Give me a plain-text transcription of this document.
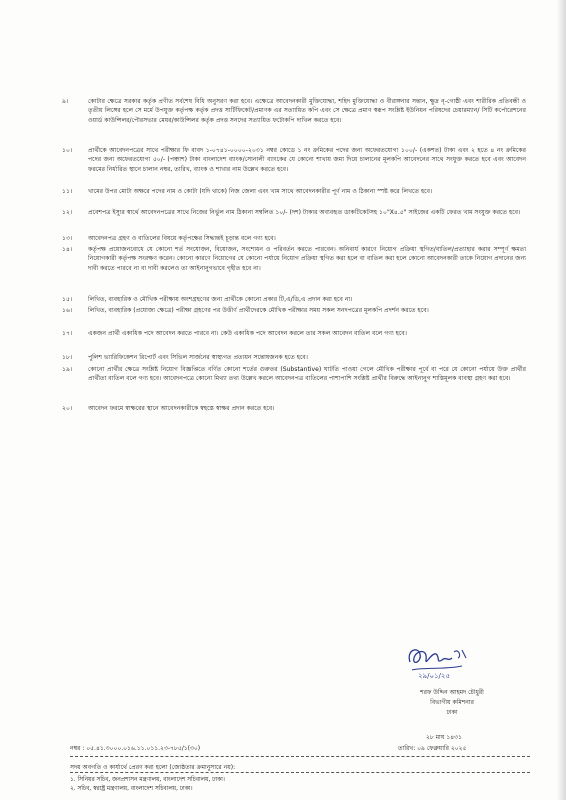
৯।	কোটার ক্ষেত্রে সরকার কর্তৃক প্রণীত সর্বশেষ বিধি অনুসরণ করা হবে। এক্ষেত্রে আবেদনকারী মুক্তিযোদ্ধা, শহিদ মুক্তিযোদ্ধা ও বীরাঙ্গনার সন্তান, ক্ষুদ্র নৃ-গোষ্ঠী এবং শারীরিক প্রতিবন্ধী ও তৃতীয় লিঙ্গের হলে সে মর্মে উপযুক্ত কর্তৃপক্ষ কর্তৃক প্রদত্ত সার্টিফিকেট/প্রমাণক এর সত্যায়িত কপি এবং সে ক্ষেত্রে প্রমাণ স্বরূপ সংশ্লিষ্ট ইউনিয়ন পরিষদের চেয়ারম্যান/ সিটি কর্পোরেশনের ওয়ার্ড কাউন্সিলর/পৌরসভার মেয়র/কাউন্সিলর কর্তৃক প্রদত্ত সনদের সত্যায়িত ফটোকপি দাখিল করতে হবে।
১০।	প্রার্থীকে আবেদনপত্রের সাথে পরীক্ষার ফি বাবদ ১-০৭৪১-০০০০-২০৩১ নম্বর কোডে ১ নং ক্রমিকের পদের জন্য অফেরতযোগ্য ১০০/- (একশত) টাকা এবং ২ হতে ৪ নং ক্রমিকের পদের জন্য অফেরতযোগ্য ৫০/- (পঞ্চাশ) টাকা বাংলাদেশ ব্যাংক/সোনালী ব্যাংকের যে কোনো শাখায় জমা দিয়ে চালানের মূলকপি আবেদনের সাথে সংযুক্ত করতে হবে এবং আবেদন ফরমের নির্ধারিত স্থানে চালান নম্বর, তারিখ, ব্যাংক ও শাখার নাম উল্লেখ করতে হবে।
১১।	খামের উপর মোটা অক্ষরে পদের নাম ও কোটা (যদি থাকে) নিজ জেলা এবং খাম সাথে আবেদনকারীর পূর্ণ নাম ও ঠিকানা স্পষ্ট করে লিখতে হবে।
১২।	প্রবেশপত্র ইস্যুর স্বার্থে আবেদনপত্রের সাথে নিজের নির্ভুল নাম ঠিকানা সম্বলিত ১০/- (দশ) টাকার অব্যবহৃত ডাকটিকেটসহ ১০"X৪.৫" সাইজের একটি ফেরত খাম সংযুক্ত করতে হবে।
১৩।	আবেদনপত্র গ্রহণ ও বাতিলের বিষয়ে কর্তৃপক্ষের সিদ্ধান্তই চূড়ান্ত বলে গণ্য হবে।
১৪।	কর্তৃপক্ষ প্রয়োজনবোধে যে কোনো শর্ত সংযোজন, বিয়োজন, সংশোধন ও পরিবর্তন করতে পারবেন। অনিবার্য কারণে নিয়োগ প্রক্রিয়া স্থগিত/বাতিল/প্রত্যাহার করার সম্পূর্ণ ক্ষমতা নিয়োগকারী কর্তৃপক্ষ সংরক্ষণ করেন। কোনো কারণে নিয়োগের যে কোনো পর্যায়ে নিয়োগ প্রক্রিয়া স্থগিত করা হলে বা বাতিল করা হলে কোনো আবেদনকারী তাকে নিয়োগ প্রদানের জন্য দাবী করতে পারবে না বা দাবী করলেও তা আইনানুগভাবে গৃহীত হবে না।
১৫।	লিখিত, ব্যবহারিক ও মৌখিক পরীক্ষায় অংশগ্রহণের জন্য প্রার্থীকে কোনো প্রকার টি,এ/ডি,এ প্রদান করা হবে না।
১৬।	লিখিত, ব্যবহারিক (প্রযোজ্য ক্ষেত্রে) পরীক্ষা গ্রহণের পর উত্তীর্ণ প্রার্থীদেরকে মৌখিক পরীক্ষার সময় সকল সনদপত্রের মূলকপি প্রদর্শন করতে হবে।
১৭।	একজন প্রার্থী একাধিক পদে আবেদন করতে পারবে না। কেউ একাধিক পদে আবেদন করলে তার সকল আবেদন বাতিল বলে গণ্য হবে।
১৮।	পুলিশ ভ্যারিফিকেশন রিপোর্ট এবং সিভিল সার্জনের স্বাস্থ্যগত প্রত্যয়ন সন্তোষজনক হতে হবে।
১৯।	কোনো প্রার্থীর ক্ষেত্রে সংশ্লিষ্ট নিয়োগ বিজ্ঞপ্তিতে বর্ণিত কোনো শর্তের গুরুতর (Substantive) ঘাটতি পাওয়া গেলে মৌখিক পরীক্ষার পূর্বে বা পরে যে কোনো পর্যায়ে উক্ত প্রার্থীর প্রার্থীতা বাতিল বলে গণ্য হবে। আবেদনপত্রে কোনো মিথ্যা তথ্য উল্লেখ করলে আবেদনপত্র বাতিলের পাশাপাশি সংশ্লিষ্ট প্রার্থীর বিরুদ্ধে আইনানুগ শাস্তিমূলক ব্যবস্থা গ্রহণ করা হবে।
২০।	আবেদন ফরমে স্বাক্ষরের স্থানে আবেদনকারীকে স্বহস্তে স্বাক্ষর প্রদান করতে হবে।
২৯/০১/২৫
শরফ উদ্দিন আহমদ চৌধুরী
বিভাগীয় কমিশনার
ঢাকা
নম্বর : ০৫.৪১.৩০০০.০১৬.১১.০১১.২৩-৭৮৫/১(৩০)
২৮ মাঘ ১৪৩১
তারিখ: ০৯ ফেব্রুয়ারি ২০২৫
সদয় অবগতি ও কার্যার্থে প্রেরণ করা হলো (জ্যেষ্ঠতার ক্রমানুসারে নয়):
১. সিনিয়র সচিব, জনপ্রশাসন মন্ত্রণালয়, বাংলাদেশ সচিবালয়, ঢাকা।
২. সচিব, স্বরাষ্ট্র মন্ত্রণালয়, বাংলাদেশ সচিবালয়, ঢাকা।
